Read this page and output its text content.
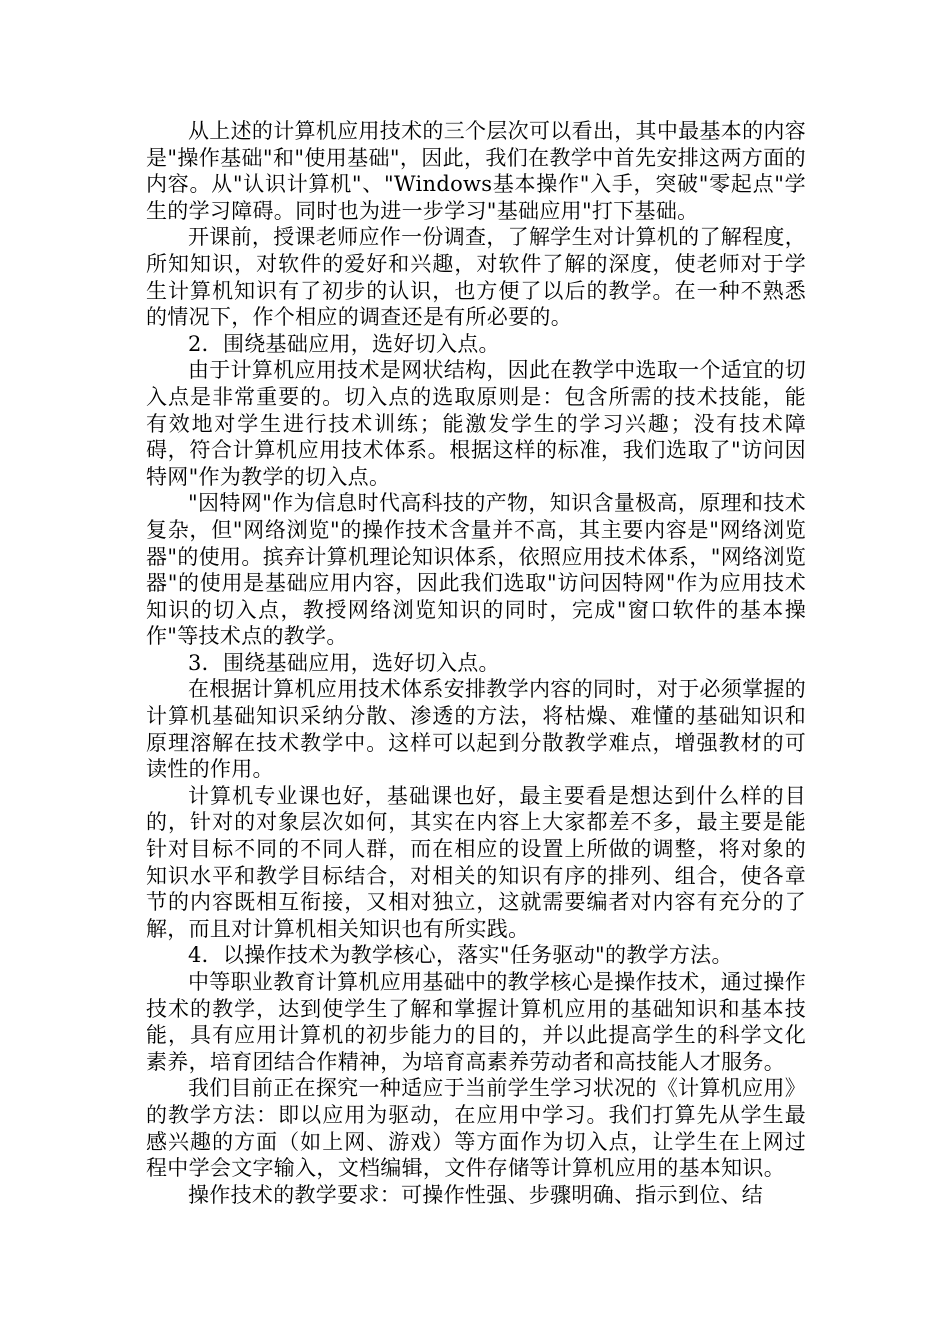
从上述的计算机应用技术的三个层次可以看出，其中最基本的内容是"操作基础"和"使用基础"，因此，我们在教学中首先安排这两方面的内容。从"认识计算机"、"Windows基本操作"入手，突破"零起点"学生的学习障碍。同时也为进一步学习"基础应用"打下基础。

开课前，授课老师应作一份调查，了解学生对计算机的了解程度，所知知识，对软件的爱好和兴趣，对软件了解的深度，使老师对于学生计算机知识有了初步的认识，也方便了以后的教学。在一种不熟悉的情况下，作个相应的调查还是有所必要的。

2．围绕基础应用，选好切入点。

由于计算机应用技术是网状结构，因此在教学中选取一个适宜的切入点是非常重要的。切入点的选取原则是：包含所需的技术技能，能有效地对学生进行技术训练；能激发学生的学习兴趣；没有技术障碍，符合计算机应用技术体系。根据这样的标准，我们选取了"访问因特网"作为教学的切入点。

"因特网"作为信息时代高科技的产物，知识含量极高，原理和技术复杂，但"网络浏览"的操作技术含量并不高，其主要内容是"网络浏览器"的使用。摈弃计算机理论知识体系，依照应用技术体系，"网络浏览器"的使用是基础应用内容，因此我们选取"访问因特网"作为应用技术知识的切入点，教授网络浏览知识的同时，完成"窗口软件的基本操作"等技术点的教学。

3．围绕基础应用，选好切入点。

在根据计算机应用技术体系安排教学内容的同时，对于必须掌握的计算机基础知识采纳分散、渗透的方法，将枯燥、难懂的基础知识和原理溶解在技术教学中。这样可以起到分散教学难点，增强教材的可读性的作用。

计算机专业课也好，基础课也好，最主要看是想达到什么样的目的，针对的对象层次如何，其实在内容上大家都差不多，最主要是能针对目标不同的不同人群，而在相应的设置上所做的调整，将对象的知识水平和教学目标结合，对相关的知识有序的排列、组合，使各章节的内容既相互衔接，又相对独立，这就需要编者对内容有充分的了解，而且对计算机相关知识也有所实践。

4．以操作技术为教学核心，落实"任务驱动"的教学方法。

中等职业教育计算机应用基础中的教学核心是操作技术，通过操作技术的教学，达到使学生了解和掌握计算机应用的基础知识和基本技能，具有应用计算机的初步能力的目的，并以此提高学生的科学文化素养，培育团结合作精神，为培育高素养劳动者和高技能人才服务。

我们目前正在探究一种适应于当前学生学习状况的《计算机应用》的教学方法：即以应用为驱动，在应用中学习。我们打算先从学生最感兴趣的方面（如上网、游戏）等方面作为切入点，让学生在上网过程中学会文字输入，文档编辑，文件存储等计算机应用的基本知识。

操作技术的教学要求：可操作性强、步骤明确、指示到位、结
